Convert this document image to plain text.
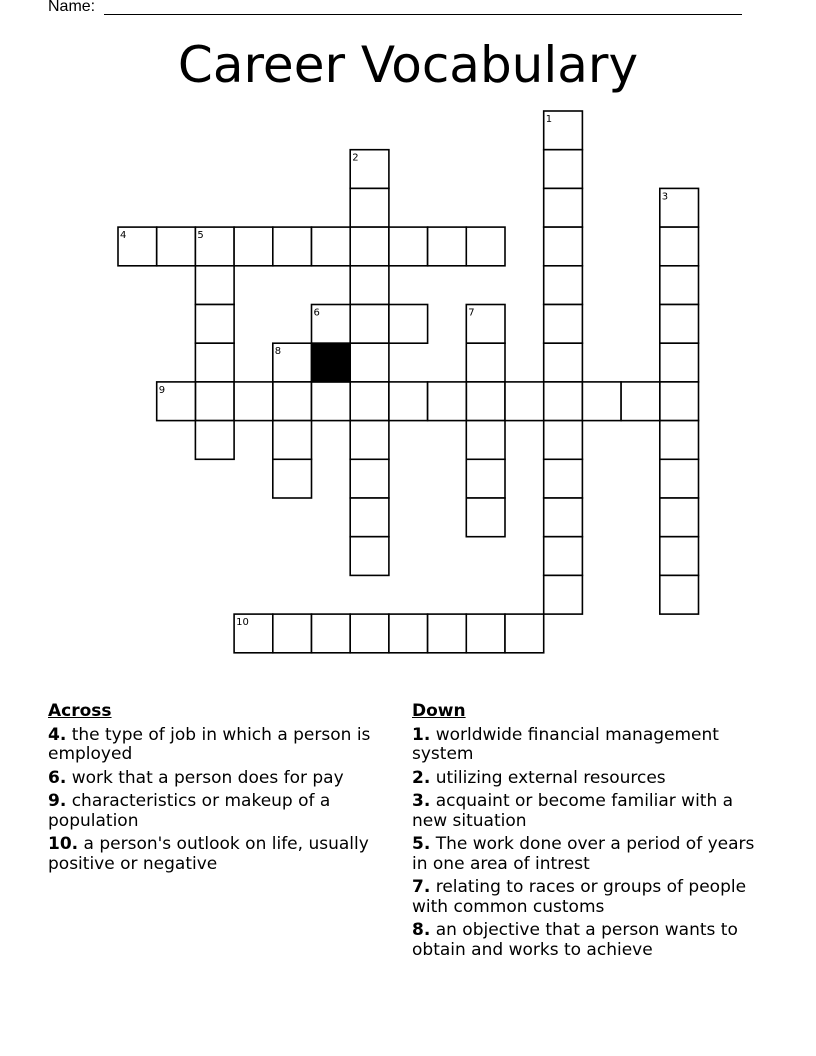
Name:
Career Vocabulary
1
2
3
4	5
6	7
8
9
10
Across
4. the type of job in which a person is employed
6. work that a person does for pay
9. characteristics or makeup of a population
10. a person's outlook on life, usually positive or negative
Down
1. worldwide financial management system
2. utilizing external resources
3. acquaint or become familiar with a new situation
5. The work done over a period of years in one area of intrest
7. relating to races or groups of people with common customs
8. an objective that a person wants to obtain and works to achieve
